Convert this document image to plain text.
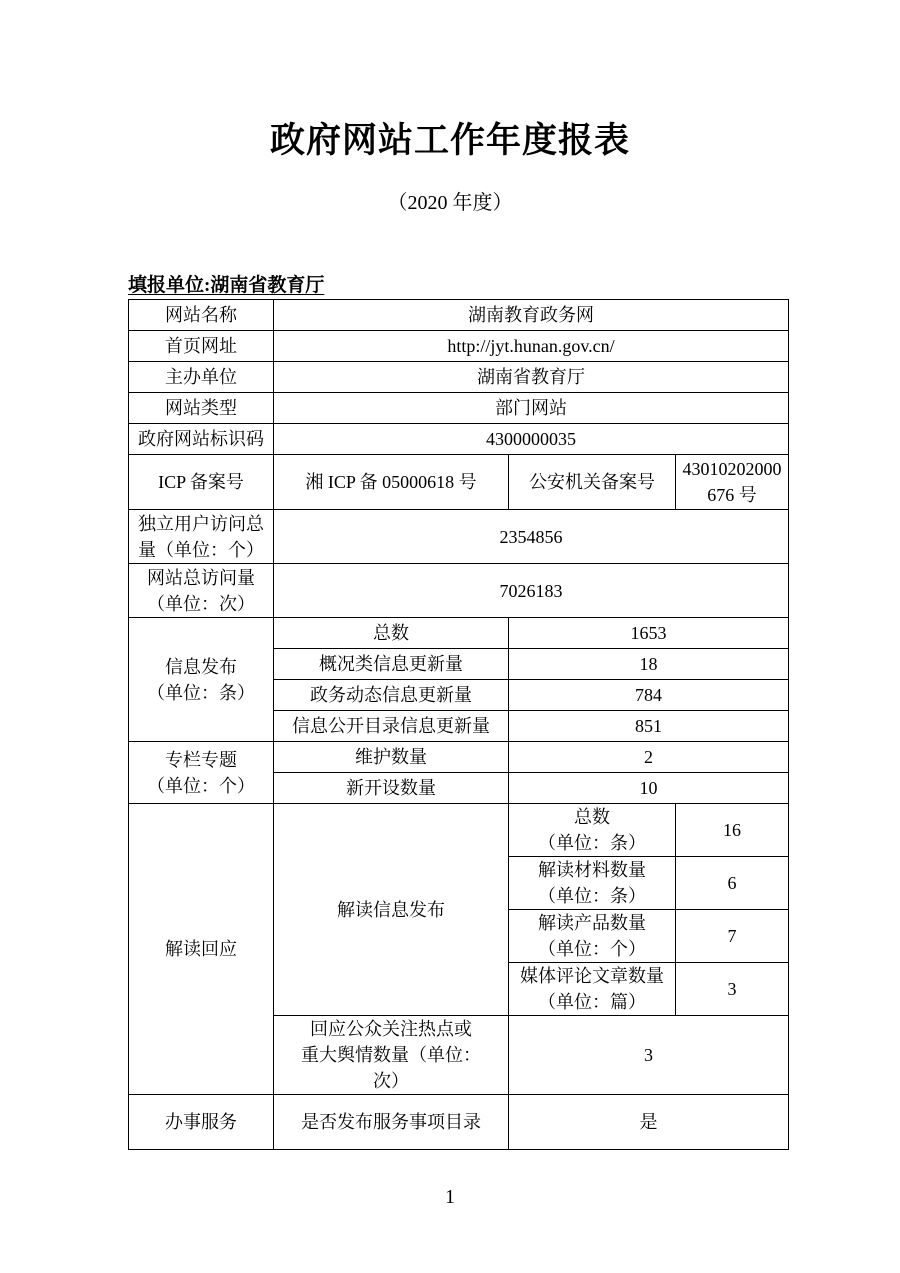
政府网站工作年度报表
（2020 年度）
填报单位:湖南省教育厅
网站名称	湖南教育政务网		
首页网址	http://jyt.hunan.gov.cn/		
主办单位	湖南省教育厅		
网站类型	部门网站		
政府网站标识码	4300000035		
ICP 备案号	湘 ICP 备 05000618 号	公安机关备案号	43010202000
676 号

独立用户访问总
量（单位：个）	2354856		

网站总访问量
（单位：次）	7026183		

信息发布
（单位：条）	总数	1653	
	概况类信息更新量	18	
	政务动态信息更新量	784	
	信息公开目录信息更新量	851	

专栏专题
（单位：个）	维护数量	2	
	新开设数量	10	
解读回应	解读信息发布	总数
（单位：条）	16

		解读材料数量
（单位：条）	6

		解读产品数量
（单位：个）	7

		媒体评论文章数量
（单位：篇）	3

	回应公众关注热点或
重大舆情数量（单位：
次）	3	
办事服务	是否发布服务事项目录	是	
1
